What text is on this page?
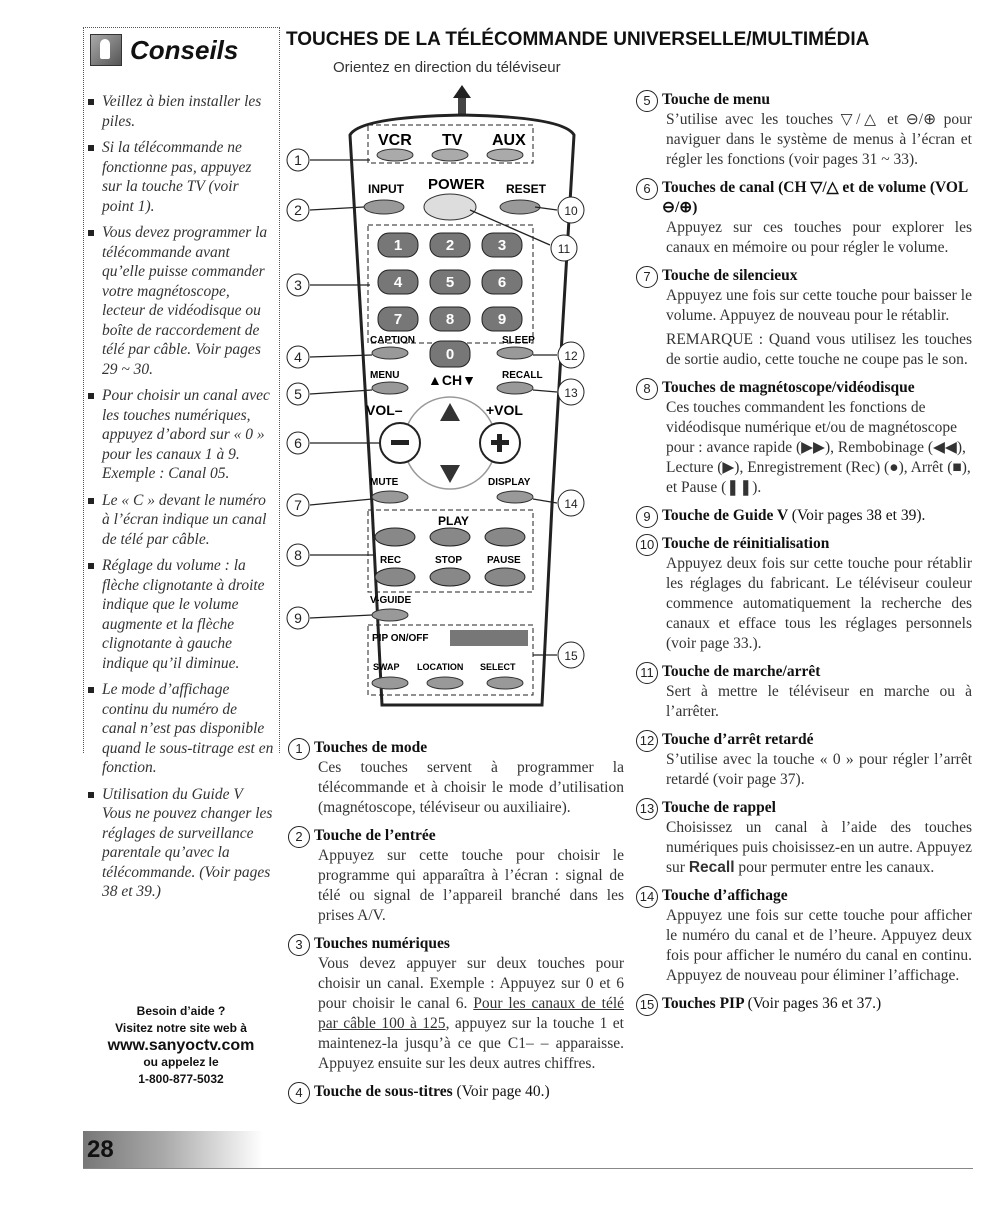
Conseils
Veillez à bien installer les piles.
Si la télécommande ne fonctionne pas, appuyez sur la touche TV (voir point 1).
Vous devez programmer la télécommande avant qu’elle puisse commander votre magnétoscope, lecteur de vidéodisque ou boîte de raccordement de télé par câble. Voir pages 29 ~ 30.
Pour choisir un canal avec les touches numériques, appuyez d’abord sur « 0 » pour les canaux 1 à 9. Exemple : Canal 05.
Le « C » devant le numéro à l’écran indique un canal de télé par câble.
Réglage du volume : la flèche clignotante à droite indique que le volume augmente et la flèche clignotante à gauche indique qu’il diminue.
Le mode d’affichage continu du numéro de canal n’est pas disponible quand le sous-titrage est en fonction.
Utilisation du Guide V Vous ne pouvez changer les réglages de surveillance parentale qu’avec la télécommande. (Voir pages 38 et 39.)
Besoin d’aide ?
Visitez notre site web à
www.sanyoctv.com
ou appelez le
1-800-877-5032
28
TOUCHES DE LA TÉLÉCOMMANDE UNIVERSELLE/MULTIMÉDIA
Orientez en direction du téléviseur
VCR TV AUX
INPUT POWER RESET
1	2	3
4	5	6
7	8	9
0
CAPTION	SLEEP
MENU ▲CH▼	RECALL
VOL–	+VOL
MUTE	DISPLAY
PLAY
REC	STOP PAUSE
V-GUIDE
PIP ON/OFF
SWAP LOCATION SELECT
1
2
3
4
5
6
7
8
9
10
11
12
13
14
15
1 Touches de mode

Ces touches servent à programmer la télécommande et à choisir le mode d’utilisation (magnétoscope, téléviseur ou auxiliaire).

2 Touche de l’entrée

Appuyez sur cette touche pour choisir le programme qui apparaîtra à l’écran : signal de télé ou signal de l’appareil branché dans les prises A/V.

3 Touches numériques

Vous devez appuyer sur deux touches pour choisir un canal. Exemple : Appuyez sur 0 et 6 pour choisir le canal 6. Pour les canaux de télé par câble 100 à 125, appuyez sur la touche 1 et maintenez-la jusqu’à ce que C1– – apparaisse. Appuyez ensuite sur les deux autres chiffres.

4 Touche de sous-titres (Voir page 40.)
5 Touche de menu

S’utilise avec les touches ▽/△ et ⊖/⊕ pour naviguer dans le système de menus à l’écran et régler les fonctions (voir pages 31 ~ 33).

6 Touches de canal (CH ▽/△ et de volume (VOL ⊖/⊕)

Appuyez sur ces touches pour explorer les canaux en mémoire ou pour régler le volume.

7 Touche de silencieux

Appuyez une fois sur cette touche pour baisser le volume. Appuyez de nouveau pour le rétablir.

REMARQUE : Quand vous utilisez les touches de sortie audio, cette touche ne coupe pas le son.

8 Touches de magnétoscope/vidéodisque

Ces touches commandent les fonctions de vidéodisque numérique et/ou de magnétoscope pour : avance rapide (▶▶), Rembobinage (◀◀), Lecture (▶), Enregistrement (Rec) (●), Arrêt (■), et Pause (❚❚).

9 Touche de Guide V (Voir pages 38 et 39).
10 Touche de réinitialisation

Appuyez deux fois sur cette touche pour rétablir les réglages du fabricant. Le téléviseur couleur commence automatiquement la recherche des canaux et efface tous les réglages personnels (voir page 33.).

11 Touche de marche/arrêt

Sert à mettre le téléviseur en marche ou à l’arrêter.

12 Touche d’arrêt retardé

S’utilise avec la touche « 0 » pour régler l’arrêt retardé (voir page 37).

13 Touche de rappel

Choisissez un canal à l’aide des touches numériques puis choisissez-en un autre. Appuyez sur Recall pour permuter entre les canaux.

14 Touche d’affichage

Appuyez une fois sur cette touche pour afficher le numéro du canal et de l’heure. Appuyez deux fois pour afficher le numéro du canal en continu. Appuyez de nouveau pour éliminer l’affichage.

15 Touches PIP (Voir pages 36 et 37.)
